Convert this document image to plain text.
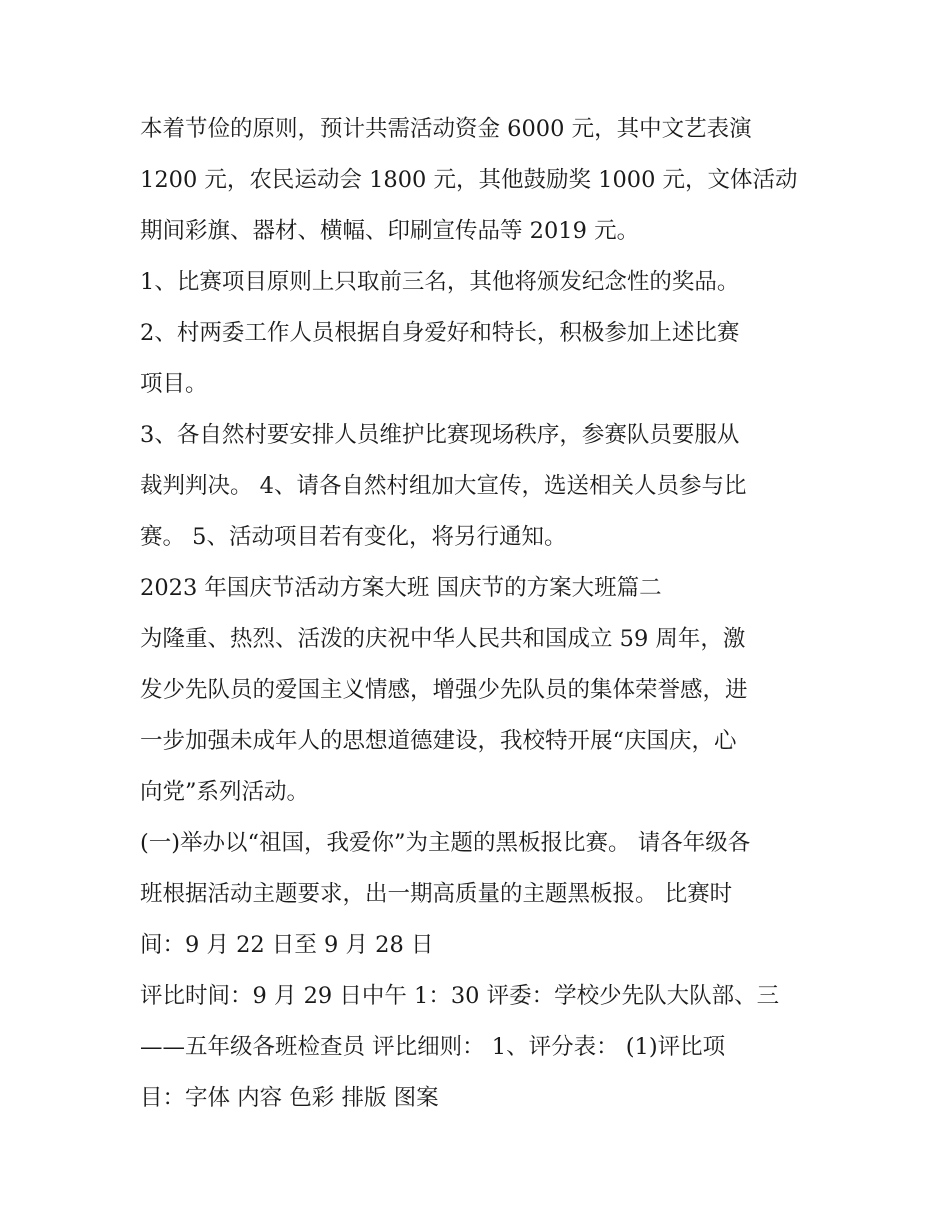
本着节俭的原则，预计共需活动资金 6000 元，其中文艺表演
1200 元，农民运动会 1800 元，其他鼓励奖 1000 元，文体活动
期间彩旗、器材、横幅、印刷宣传品等 2019 元。
1、比赛项目原则上只取前三名，其他将颁发纪念性的奖品。
2、村两委工作人员根据自身爱好和特长，积极参加上述比赛
项目。
3、各自然村要安排人员维护比赛现场秩序，参赛队员要服从
裁判判决。 4、请各自然村组加大宣传，选送相关人员参与比
赛。 5、活动项目若有变化，将另行通知。
2023 年国庆节活动方案大班 国庆节的方案大班篇二
为隆重、热烈、活泼的庆祝中华人民共和国成立 59 周年，激
发少先队员的爱国主义情感，增强少先队员的集体荣誉感，进
一步加强未成年人的思想道德建设，我校特开展“庆国庆，心
向党”系列活动。
(一)举办以“祖国，我爱你”为主题的黑板报比赛。 请各年级各
班根据活动主题要求，出一期高质量的主题黑板报。 比赛时
间：9 月 22 日至 9 月 28 日
评比时间：9 月 29 日中午 1：30 评委：学校少先队大队部、三
——五年级各班检查员 评比细则： 1、评分表： (1)评比项
目：字体 内容 色彩 排版 图案
